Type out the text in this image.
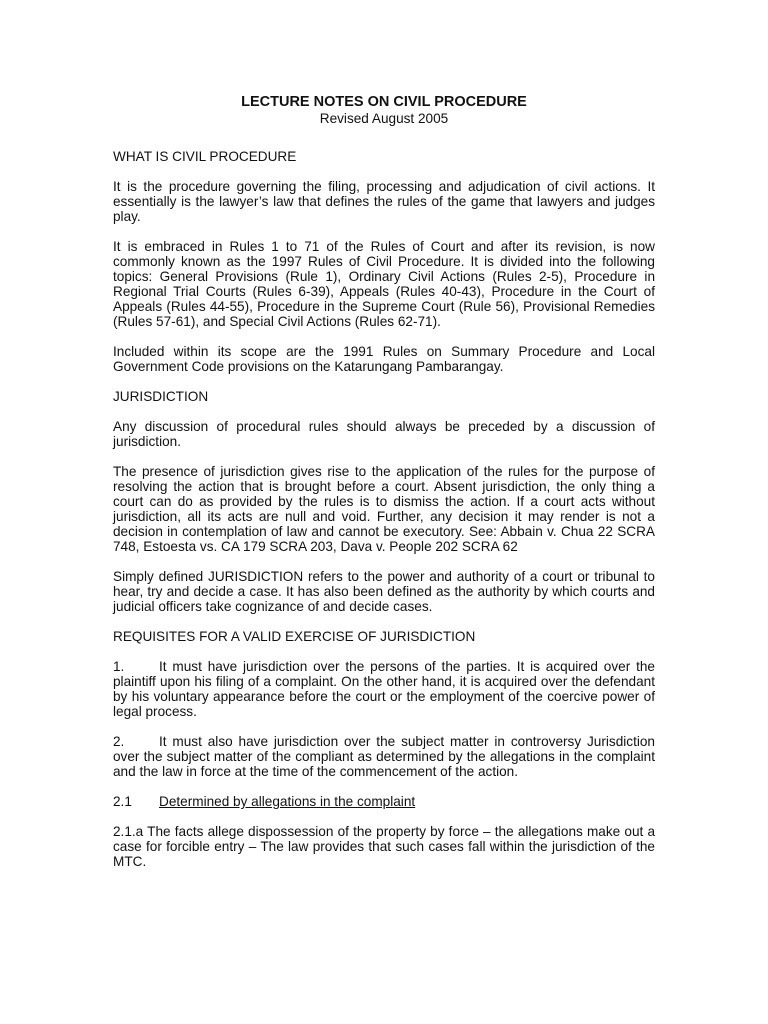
LECTURE NOTES ON CIVIL PROCEDURE
Revised August 2005
WHAT IS CIVIL PROCEDURE

It is the procedure governing the filing, processing and adjudication of civil actions. It essentially is the lawyer’s law that defines the rules of the game that lawyers and judges play.

It is embraced in Rules 1 to 71 of the Rules of Court and after its revision, is now commonly known as the 1997 Rules of Civil Procedure. It is divided into the following topics: General Provisions (Rule 1), Ordinary Civil Actions (Rules 2-5), Procedure in Regional Trial Courts (Rules 6-39), Appeals (Rules 40-43), Procedure in the Court of Appeals (Rules 44-55), Procedure in the Supreme Court (Rule 56), Provisional Remedies (Rules 57-61), and Special Civil Actions (Rules 62-71).

Included within its scope are the 1991 Rules on Summary Procedure and Local Government Code provisions on the Katarungang Pambarangay.

JURISDICTION

Any discussion of procedural rules should always be preceded by a discussion of jurisdiction.

The presence of jurisdiction gives rise to the application of the rules for the purpose of resolving the action that is brought before a court. Absent jurisdiction, the only thing a court can do as provided by the rules is to dismiss the action. If a court acts without jurisdiction, all its acts are null and void. Further, any decision it may render is not a decision in contemplation of law and cannot be executory. See: Abbain v. Chua 22 SCRA 748, Estoesta vs. CA 179 SCRA 203, Dava v. People 202 SCRA 62

Simply defined JURISDICTION refers to the power and authority of a court or tribunal to hear, try and decide a case. It has also been defined as the authority by which courts and judicial officers take cognizance of and decide cases.

REQUISITES FOR A VALID EXERCISE OF JURISDICTION

1.	It must have jurisdiction over the persons of the parties. It is acquired over the plaintiff upon his filing of a complaint. On the other hand, it is acquired over the defendant by his voluntary appearance before the court or the employment of the coercive power of legal process.

2.	It must also have jurisdiction over the subject matter in controversy Jurisdiction over the subject matter of the compliant as determined by the allegations in the complaint and the law in force at the time of the commencement of the action.

2.1 Determined by allegations in the complaint

2.1.a The facts allege dispossession of the property by force – the allegations make out a case for forcible entry – The law provides that such cases fall within the jurisdiction of the MTC.
